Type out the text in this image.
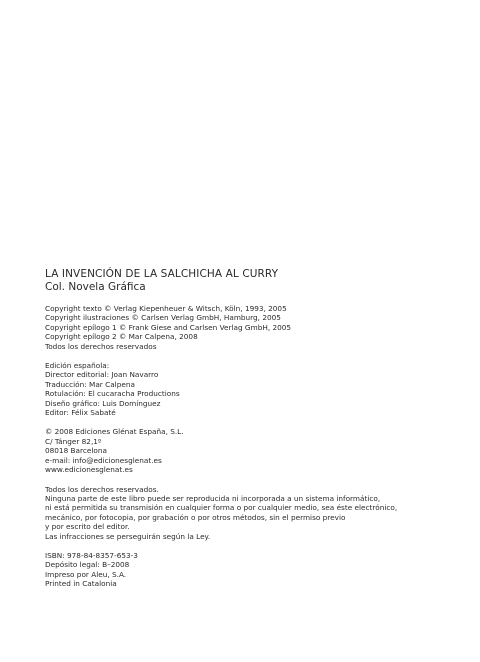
LA INVENCIÓN DE LA SALCHICHA AL CURRY
Col. Novela Gráfica
Copyright texto © Verlag Kiepenheuer & Witsch, Köln, 1993, 2005
Copyright ilustraciones © Carlsen Verlag GmbH, Hamburg, 2005
Copyright epílogo 1 © Frank Giese and Carlsen Verlag GmbH, 2005
Copyright epílogo 2 © Mar Calpena, 2008
Todos los derechos reservados
Edición española:
Director editorial: Joan Navarro
Traducción: Mar Calpena
Rotulación: El cucaracha Productions
Diseño gráfico: Luis Domínguez
Editor: Félix Sabaté
© 2008 Ediciones Glénat España, S.L.
C/ Tánger 82,1º
08018 Barcelona
e-mail: info@edicionesglenat.es
www.edicionesglenat.es
Todos los derechos reservados.
Ninguna parte de este libro puede ser reproducida ni incorporada a un sistema informático,
ni está permitida su transmisión en cualquier forma o por cualquier medio, sea éste electrónico,
mecánico, por fotocopia, por grabación o por otros métodos, sin el permiso previo
y por escrito del editor.
Las infracciones se perseguirán según la Ley.
ISBN: 978-84-8357-653-3
Depósito legal: B–2008
Impreso por Aleu, S.A.
Printed in Catalonia
